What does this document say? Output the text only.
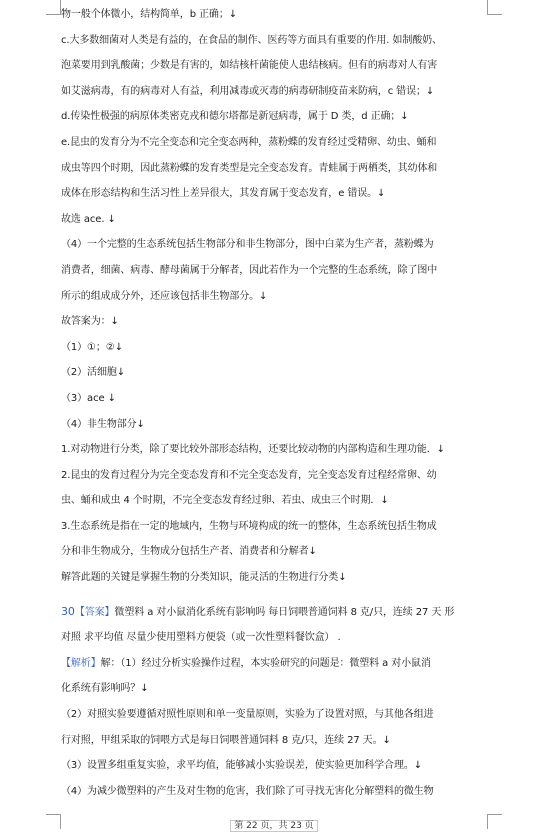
物一般个体微小，结构简单，b 正确；↓
c.大多数细菌对人类是有益的，在食品的制作、医药等方面具有重要的作用. 如制酸奶、
泡菜要用到乳酸菌；少数是有害的，如结核杆菌能使人患结核病。但有的病毒对人有害
如艾滋病毒，有的病毒对人有益，利用减毒或灭毒的病毒研制疫苗来防病，c 错误；↓
d.传染性极强的病原体类密克戎和德尔塔都是新冠病毒，属于 D 类，d 正确；↓
e.昆虫的发育分为不完全变态和完全变态两种，蒸粉蝶的发育经过受精卵、幼虫、蛹和
成虫等四个时期，因此蒸粉蝶的发育类型是完全变态发育。青蛙属于两栖类，其幼体和
成体在形态结构和生活习性上差异很大，其发育属于变态发育，e 错误。↓
故选 ace. ↓
（4）一个完整的生态系统包括生物部分和非生物部分，图中白菜为生产者，蒸粉蝶为
消费者，细菌、病毒、酵母菌属于分解者，因此若作为一个完整的生态系统，除了图中
所示的组成成分外，还应该包括非生物部分。↓
故答案为：↓
（1）①；②↓
（2）活细胞↓
（3）ace ↓
（4）非生物部分↓
1.对动物进行分类，除了要比较外部形态结构，还要比较动物的内部构造和生理功能．↓
2.昆虫的发育过程分为完全变态发育和不完全变态发育，完全变态发育过程经常卵、幼
虫、蛹和成虫 4 个时期，不完全变态发育经过卵、若虫、成虫三个时期．↓
3.生态系统是指在一定的地域内，生物与环境构成的统一的整体，生态系统包括生物成
分和非生物成分，生物成分包括生产者、消费者和分解者↓
解答此题的关键是掌握生物的分类知识，能灵活的生物进行分类↓
30【答案】微塑料 a 对小鼠消化系统有影响吗 每日饲喂普通饲料 8 克/只，连续 27 天 形
对照 求平均值 尽量少使用塑料方便袋（或一次性塑料餐饮盒） .
【解析】解：（1）经过分析实验操作过程，本实验研究的问题是：微塑料 a 对小鼠消
化系统有影响吗？↓
（2）对照实验要遵循对照性原则和单一变量原则，实验为了设置对照，与其他各组进
行对照，甲组采取的饲喂方式是每日饲喂普通饲料 8 克/只，连续 27 天。↓
（3）设置多组重复实验，求平均值，能够减小实验误差，使实验更加科学合理。↓
（4）为减少微塑料的产生及对生物的危害，我们除了可寻找无害化分解塑料的微生物
第 22 页，共 23 页
